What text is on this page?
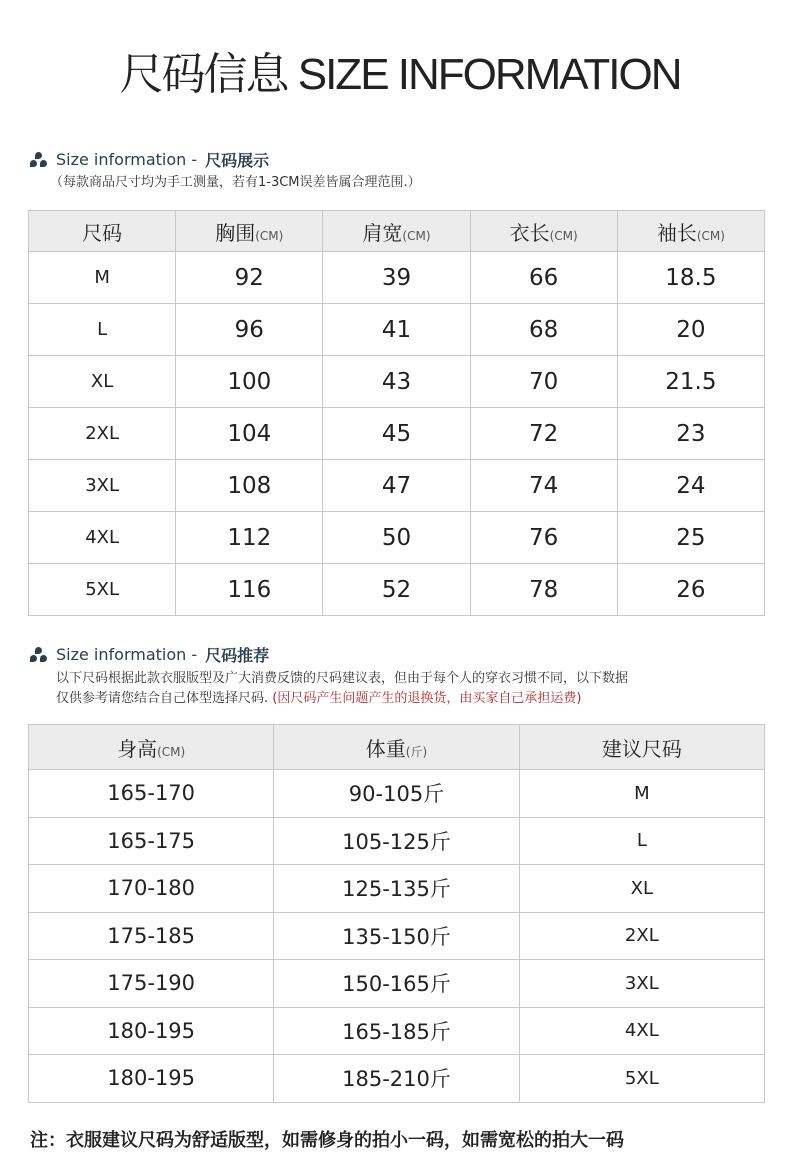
尺码信息 SIZE INFORMATION
Size information - 尺码展示
（每款商品尺寸均为手工测量，若有1-3CM误差皆属合理范围.）
尺码	胸围(CM)	肩宽(CM)	衣长(CM)	袖长(CM)
M	92	39	66	18.5
L	96	41	68	20
XL	100	43	70	21.5
2XL	104	45	72	23
3XL	108	47	74	24
4XL	112	50	76	25
5XL	116	52	78	26
Size information - 尺码推荐
以下尺码根据此款衣服版型及广大消费反馈的尺码建议表，但由于每个人的穿衣习惯不同，以下数据
仅供参考请您结合自己体型选择尺码. (因尺码产生问题产生的退换货，由买家自己承担运费)
身高(CM)	体重(斤)	建议尺码
165-170	90-105斤	M
165-175	105-125斤	L
170-180	125-135斤	XL
175-185	135-150斤	2XL
175-190	150-165斤	3XL
180-195	165-185斤	4XL
180-195	185-210斤	5XL
注：衣服建议尺码为舒适版型，如需修身的拍小一码，如需宽松的拍大一码
